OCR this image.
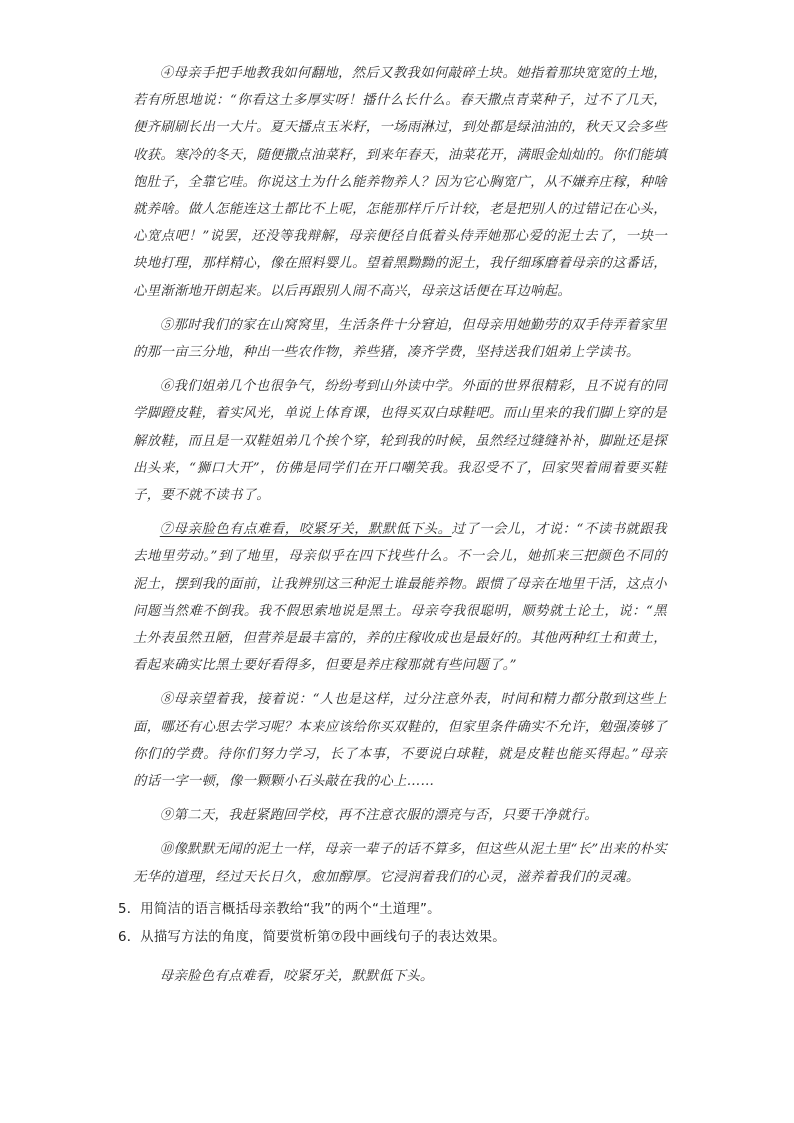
④母亲手把手地教我如何翻地，然后又教我如何敲碎土块。她指着那块宽宽的土地，若有所思地说：“你看这土多厚实呀！播什么长什么。春天撒点青菜种子，过不了几天，便齐刷刷长出一大片。夏天播点玉米籽，一场雨淋过，到处都是绿油油的，秋天又会多些收获。寒冷的冬天，随便撒点油菜籽，到来年春天，油菜花开，满眼金灿灿的。你们能填饱肚子，全靠它哇。你说这土为什么能养物养人？因为它心胸宽广，从不嫌弃庄稼，种啥就养啥。做人怎能连这土都比不上呢，怎能那样斤斤计较，老是把别人的过错记在心头，心宽点吧！”说罢，还没等我辩解，母亲便径自低着头侍弄她那心爱的泥土去了，一块一块地打理，那样精心，像在照料婴儿。望着黑黝黝的泥土，我仔细琢磨着母亲的这番话，心里渐渐地开朗起来。以后再跟别人闹不高兴，母亲这话便在耳边响起。

⑤那时我们的家在山窝窝里，生活条件十分窘迫，但母亲用她勤劳的双手侍弄着家里的那一亩三分地，种出一些农作物，养些猪，凑齐学费，坚持送我们姐弟上学读书。

⑥我们姐弟几个也很争气，纷纷考到山外读中学。外面的世界很精彩，且不说有的同学脚蹬皮鞋，着实风光，单说上体育课，也得买双白球鞋吧。而山里来的我们脚上穿的是解放鞋，而且是一双鞋姐弟几个挨个穿，轮到我的时候，虽然经过缝缝补补，脚趾还是探出头来，“狮口大开”，仿佛是同学们在开口嘲笑我。我忍受不了，回家哭着闹着要买鞋子，要不就不读书了。

⑦母亲脸色有点难看，咬紧牙关，默默低下头。过了一会儿，才说：“不读书就跟我去地里劳动。”到了地里，母亲似乎在四下找些什么。不一会儿，她抓来三把颜色不同的泥土，摆到我的面前，让我辨别这三种泥土谁最能养物。跟惯了母亲在地里干活，这点小问题当然难不倒我。我不假思索地说是黑土。母亲夸我很聪明，顺势就土论土，说：“黑土外表虽然丑陋，但营养是最丰富的，养的庄稼收成也是最好的。其他两种红土和黄土，看起来确实比黑土要好看得多，但要是养庄稼那就有些问题了。”

⑧母亲望着我，接着说：“人也是这样，过分注意外表，时间和精力都分散到这些上面，哪还有心思去学习呢？本来应该给你买双鞋的，但家里条件确实不允许，勉强凑够了你们的学费。待你们努力学习，长了本事，不要说白球鞋，就是皮鞋也能买得起。”母亲的话一字一顿，像一颗颗小石头敲在我的心上……

⑨第二天，我赶紧跑回学校，再不注意衣服的漂亮与否，只要干净就行。

⑩像默默无闻的泥土一样，母亲一辈子的话不算多，但这些从泥土里“长”出来的朴实无华的道理，经过天长日久，愈加醇厚。它浸润着我们的心灵，滋养着我们的灵魂。

5．用简洁的语言概括母亲教给“我”的两个“土道理”。

6．从描写方法的角度，简要赏析第⑦段中画线句子的表达效果。

母亲脸色有点难看，咬紧牙关，默默低下头。
